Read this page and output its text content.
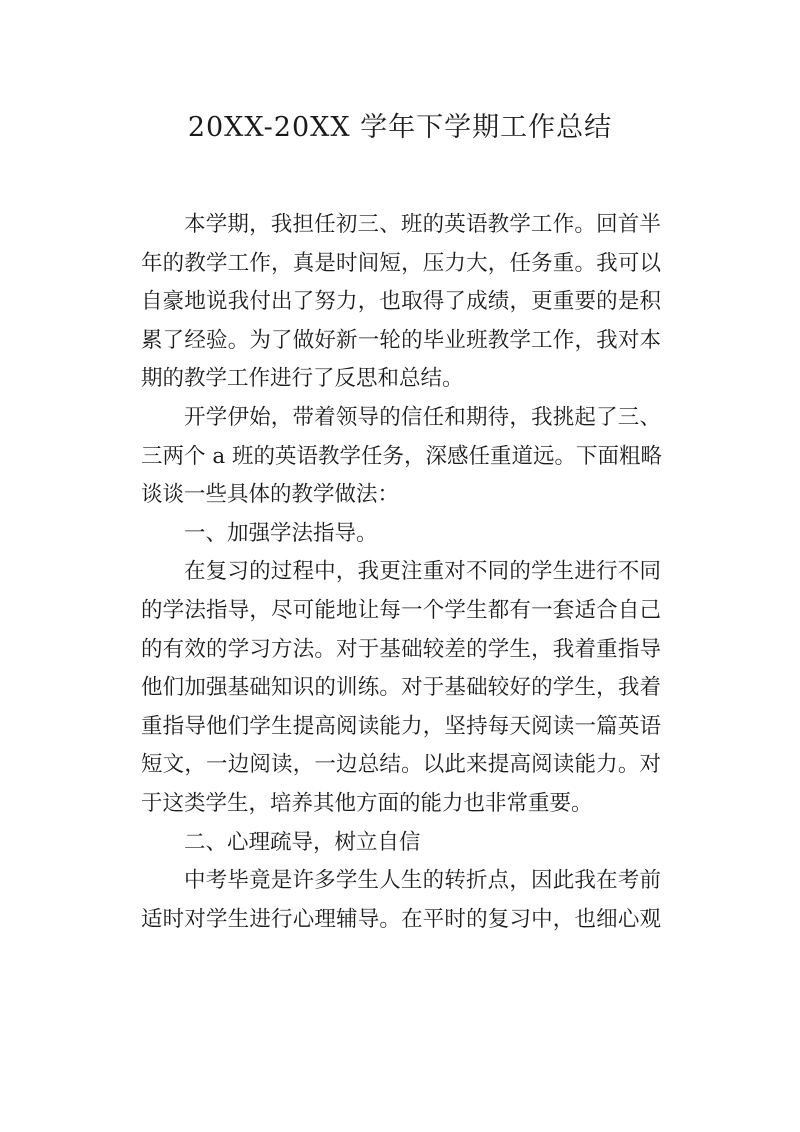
20XX-20XX 学年下学期工作总结
本学期，我担任初三、班的英语教学工作。回首半
年的教学工作，真是时间短，压力大，任务重。我可以
自豪地说我付出了努力，也取得了成绩，更重要的是积
累了经验。为了做好新一轮的毕业班教学工作，我对本
期的教学工作进行了反思和总结。
开学伊始，带着领导的信任和期待，我挑起了三、
三两个 a 班的英语教学任务，深感任重道远。下面粗略
谈谈一些具体的教学做法：
一、加强学法指导。
在复习的过程中，我更注重对不同的学生进行不同
的学法指导，尽可能地让每一个学生都有一套适合自己
的有效的学习方法。对于基础较差的学生，我着重指导
他们加强基础知识的训练。对于基础较好的学生，我着
重指导他们学生提高阅读能力，坚持每天阅读一篇英语
短文，一边阅读，一边总结。以此来提高阅读能力。对
于这类学生，培养其他方面的能力也非常重要。
二、心理疏导，树立自信
中考毕竟是许多学生人生的转折点，因此我在考前
适时对学生进行心理辅导。在平时的复习中，也细心观
